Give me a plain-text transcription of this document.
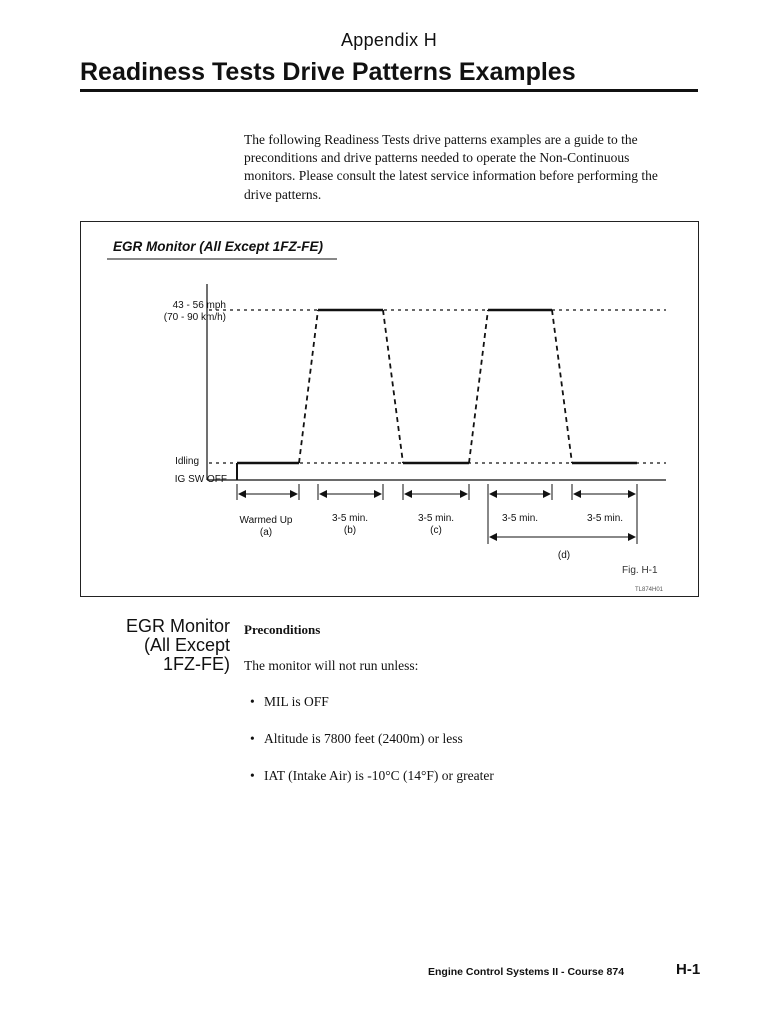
Appendix H
Readiness Tests Drive Patterns Examples
The following Readiness Tests drive patterns examples are a guide to the preconditions and drive patterns needed to operate the Non-Continuous monitors. Please consult the latest service information before performing the drive patterns.
EGR Monitor (All Except 1FZ-FE)
43 - 56 mph
(70 - 90 km/h)
Idling
IG SW OFF
Warmed Up
(a)
3-5 min.
(b)
3-5 min.
(c)
3-5 min.	3-5 min.
(d)
Fig. H-1
TL874H01
EGR Monitor
(All Except
1FZ-FE)
Preconditions
The monitor will not run unless:
• MIL is OFF
• Altitude is 7800 feet (2400m) or less
• IAT (Intake Air) is -10°C (14°F) or greater
Engine Control Systems II - Course 874	H-1
